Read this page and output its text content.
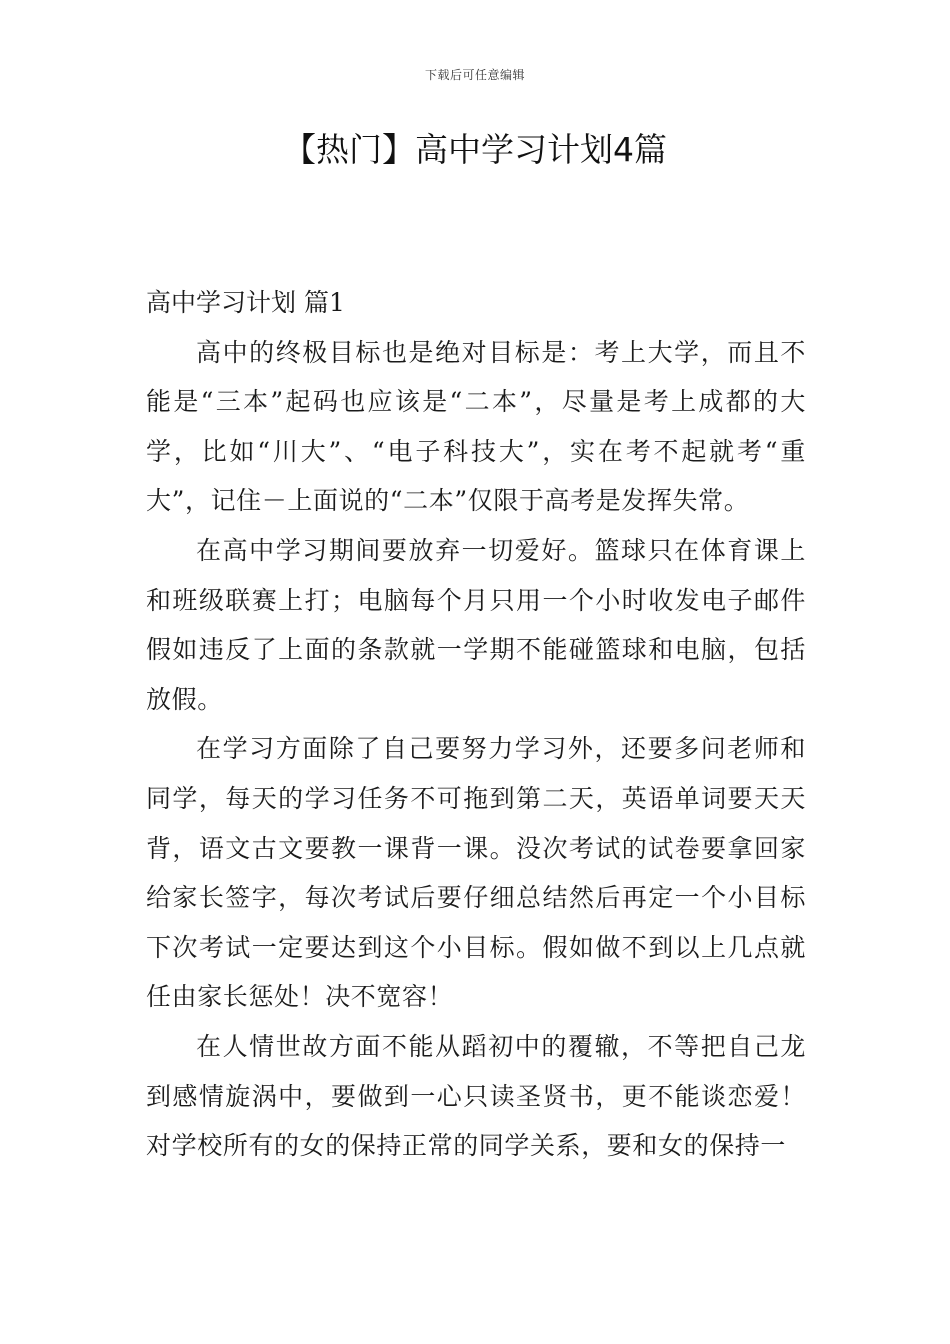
下载后可任意编辑
【热门】高中学习计划4篇
高中学习计划 篇1

高中的终极目标也是绝对目标是：考上大学，而且不能是“三本”起码也应该是“二本”，尽量是考上成都的大学，比如“川大”、“电子科技大”，实在考不起就考“重大”，记住－上面说的“二本”仅限于高考是发挥失常。

在高中学习期间要放弃一切爱好。篮球只在体育课上和班级联赛上打；电脑每个月只用一个小时收发电子邮件假如违反了上面的条款就一学期不能碰篮球和电脑，包括放假。

在学习方面除了自己要努力学习外，还要多问老师和同学，每天的学习任务不可拖到第二天，英语单词要天天背，语文古文要教一课背一课。没次考试的试卷要拿回家给家长签字，每次考试后要仔细总结然后再定一个小目标下次考试一定要达到这个小目标。假如做不到以上几点就任由家长惩处！决不宽容！

在人情世故方面不能从蹈初中的覆辙，不等把自己龙到感情旋涡中，要做到一心只读圣贤书，更不能谈恋爱！对学校所有的女的保持正常的同学关系，要和女的保持一
